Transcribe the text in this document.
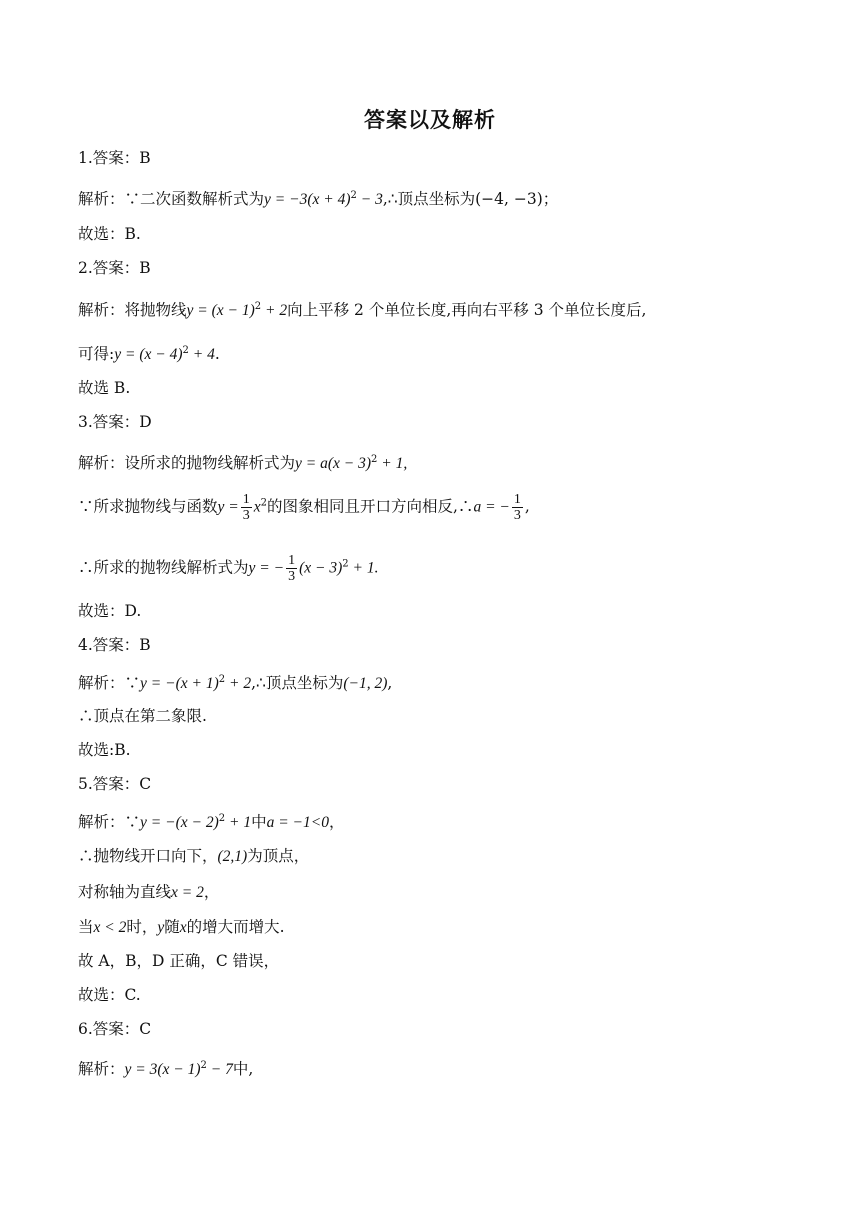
答案以及解析
1.答案：B
解析：∵二次函数解析式为$y = -3(x + 4)^2$ − 3,∴顶点坐标为(−4, −3)；
故选：B.
2.答案：B
解析：将抛物线$y = (x - 1)^2 + 2$向上平移 2 个单位长度,再向右平移 3 个单位长度后,
可得:y = $(x - 4)^2 + 4$.
故选 B.
3.答案：D
解析：设所求的抛物线解析式为$y = a(x - 3)^2 + 1$,
∵所求抛物线与函数$y = \frac{1}{3} x^2$的图象相同且开口方向相反,∴a = − $\frac{1}{3}$ ,
∴所求的抛物线解析式为y = − $\frac{1}{3} (x - 3)^2 + 1$.
故选：D.
4.答案：B
解析：∵y = $-(x + 1)^2$ + 2,∴顶点坐标为(−1, 2),
∴顶点在第二象限.
故选:B.
5.答案：C
解析：∵y = $-(x - 2)^2 + 1$中a = −1<0，
∴抛物线开口向下，(2,1)为顶点，
对称轴为直线x = 2，
当x < 2时，y随x的增大而增大.
故 A，B，D 正确，C 错误，
故选：C.
6.答案：C
解析：$y = 3(x - 1)^2 - 7$中,
